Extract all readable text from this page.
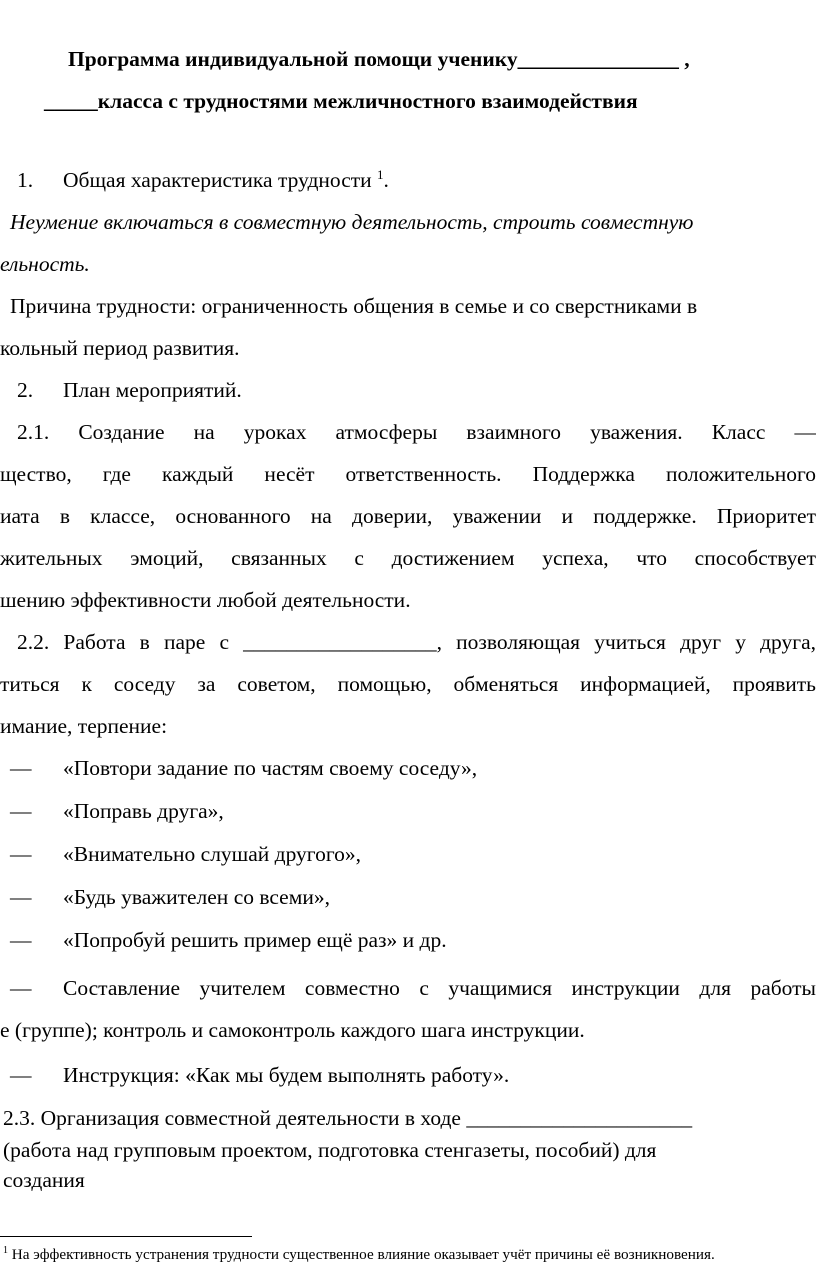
Программа индивидуальной помощи ученику_______________ ,
_____класса с трудностями межличностного взаимодействия
1. Общая характеристика трудности $^1$.
Неумение включаться в совместную деятельность, строить совместную
ельность.
Причина трудности: ограниченность общения в семье и со сверстниками в
кольный период развития.
2. План мероприятий.
2.1. Создание на уроках атмосферы взаимного уважения. Класс —
щество, где каждый несёт ответственность. Поддержка положительного
иата в классе, основанного на доверии, уважении и поддержке. Приоритет
жительных эмоций, связанных с достижением успеха, что способствует
шению эффективности любой деятельности.
2.2. Работа в паре с __________________, позволяющая учиться друг у друга,
титься к соседу за советом, помощью, обменяться информацией, проявить
имание, терпение:
— «Повтори задание по частям своему соседу»,
— «Поправь друга»,
— «Внимательно слушай другого»,
— «Будь уважителен со всеми»,
— «Попробуй решить пример ещё раз» и др.
— Составление учителем совместно с учащимися инструкции для работы
е (группе); контроль и самоконтроль каждого шага инструкции.
— Инструкция: «Как мы будем выполнять работу».
2.3. Организация совместной деятельности в ходе _____________________
(работа над групповым проектом, подготовка стенгазеты, пособий) для
создания
$^1$ На эффективность устранения трудности существенное влияние оказывает учёт причины её возникновения.
